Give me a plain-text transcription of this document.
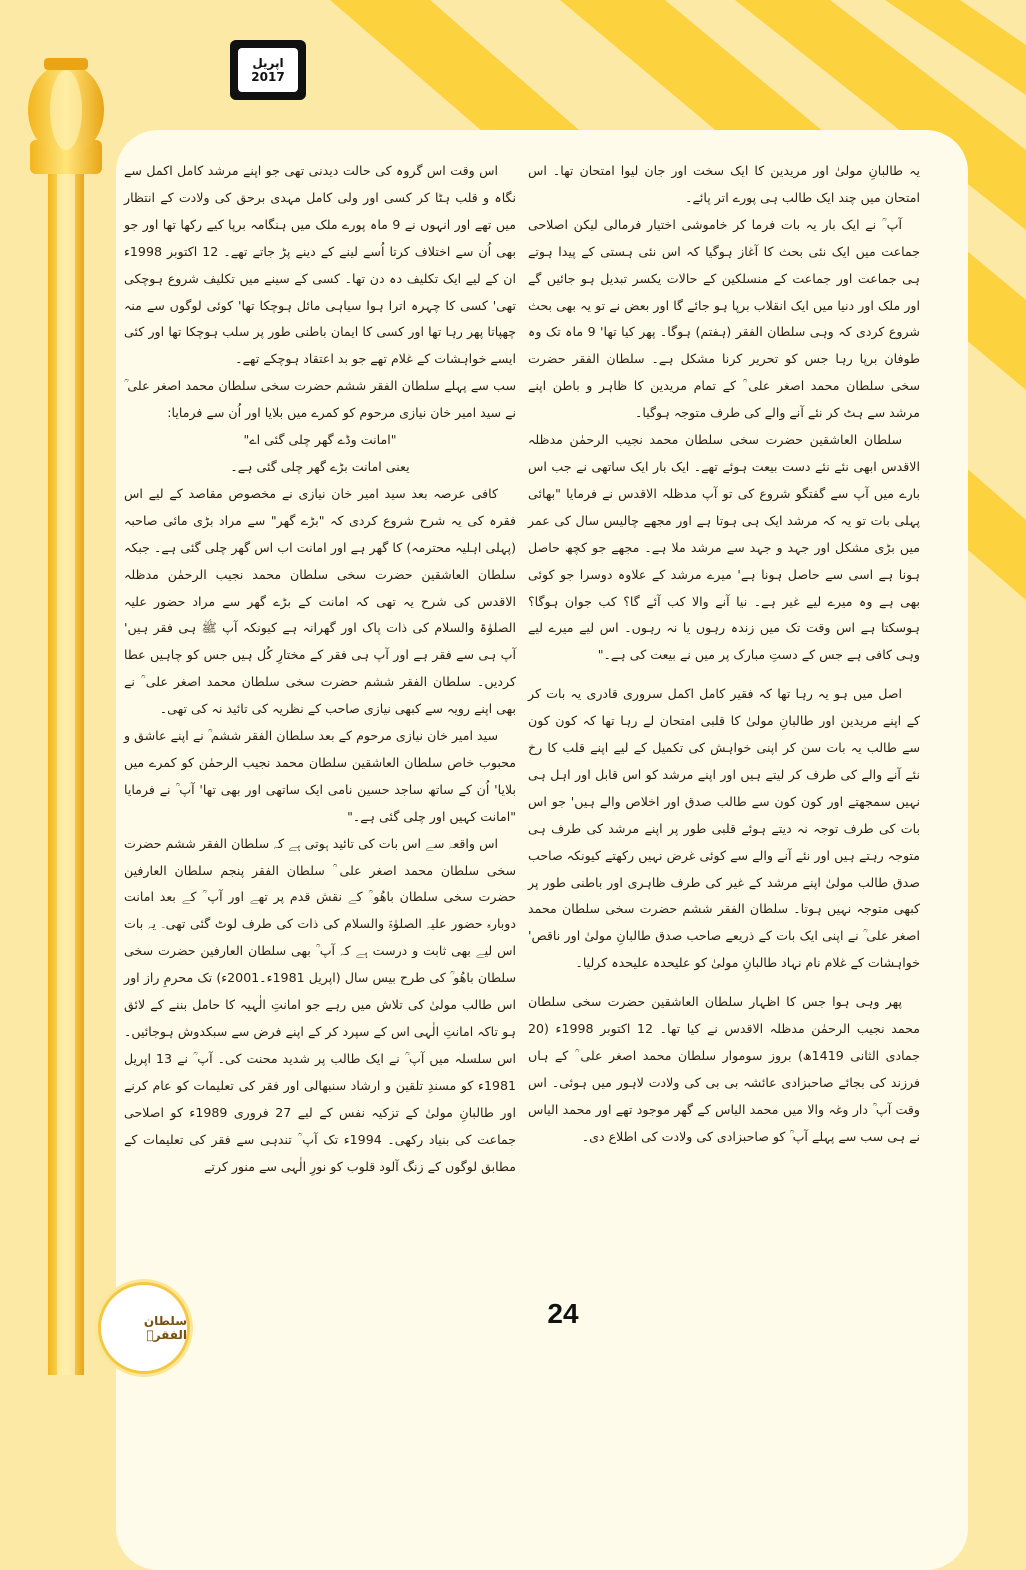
اپریل
2017

یہ طالبانِ مولیٰ اور مریدین کا ایک سخت اور جان لیوا امتحان تھا۔ اس امتحان میں چند ایک طالب ہی پورے اتر پائے۔

آپ ؒ نے ایک بار یہ بات فرما کر خاموشی اختیار فرمالی لیکن اصلاحی جماعت میں ایک نئی بحث کا آغاز ہوگیا کہ اس نئی ہستی کے پیدا ہوتے ہی جماعت اور جماعت کے منسلکین کے حالات یکسر تبدیل ہو جائیں گے اور ملک اور دنیا میں ایک انقلاب برپا ہو جائے گا اور بعض نے تو یہ بھی بحث شروع کردی کہ وہی سلطان الفقر (ہفتم) ہوگا۔ پھر کیا تھا' 9 ماہ تک وہ طوفان برپا رہا جس کو تحریر کرنا مشکل ہے۔ سلطان الفقر حضرت سخی سلطان محمد اصغر علی ؒ کے تمام مریدین کا ظاہر و باطن اپنے مرشد سے ہٹ کر نئے آنے والے کی طرف متوجہ ہوگیا۔

سلطان العاشقین حضرت سخی سلطان محمد نجیب الرحمٰن مدظلہ الاقدس ابھی نئے نئے دست بیعت ہوئے تھے۔ ایک بار ایک ساتھی نے جب اس بارے میں آپ سے گفتگو شروع کی تو آپ مدظلہ الاقدس نے فرمایا "بھائی پہلی بات تو یہ کہ مرشد ایک ہی ہوتا ہے اور مجھے چالیس سال کی عمر میں بڑی مشکل اور جہد و جہد سے مرشد ملا ہے۔ مجھے جو کچھ حاصل ہونا ہے اسی سے حاصل ہونا ہے' میرے مرشد کے علاوہ دوسرا جو کوئی بھی ہے وہ میرے لیے غیر ہے۔ نیا آنے والا کب آئے گا؟ کب جوان ہوگا؟ ہوسکتا ہے اس وقت تک میں زندہ رہوں یا نہ رہوں۔ اس لیے میرے لیے وہی کافی ہے جس کے دستِ مبارک پر میں نے بیعت کی ہے۔"

اصل میں ہو یہ رہا تھا کہ فقیر کامل اکمل سروری قادری یہ بات کر کے اپنے مریدین اور طالبانِ مولیٰ کا قلبی امتحان لے رہا تھا کہ کون کون سے طالب یہ بات سن کر اپنی خواہش کی تکمیل کے لیے اپنے قلب کا رخ نئے آنے والے کی طرف کر لیتے ہیں اور اپنے مرشد کو اس قابل اور اہل ہی نہیں سمجھتے اور کون کون سے طالب صدق اور اخلاص والے ہیں' جو اس بات کی طرف توجہ نہ دیتے ہوئے قلبی طور پر اپنے مرشد کی طرف ہی متوجہ رہتے ہیں اور نئے آنے والے سے کوئی غرض نہیں رکھتے کیونکہ صاحب صدق طالب مولیٰ اپنے مرشد کے غیر کی طرف ظاہری اور باطنی طور پر کبھی متوجہ نہیں ہوتا۔ سلطان الفقر ششم حضرت سخی سلطان محمد اصغر علی ؒ نے اپنی ایک بات کے ذریعے صاحب صدق طالبانِ مولیٰ اور ناقص' خواہشات کے غلام نام نہاد طالبانِ مولیٰ کو علیحدہ علیحدہ کرلیا۔

پھر وہی ہوا جس کا اظہار سلطان العاشقین حضرت سخی سلطان محمد نجیب الرحمٰن مدظلہ الاقدس نے کیا تھا۔ 12 اکتوبر 1998ء (20 جمادی الثانی 1419ھ) بروز سوموار سلطان محمد اصغر علی ؒ کے ہاں فرزند کی بجائے صاحبزادی عائشہ بی بی کی ولادت لاہور میں ہوئی۔ اس وقت آپ ؒ دار وغہ والا میں محمد الیاس کے گھر موجود تھے اور محمد الیاس نے ہی سب سے پہلے آپ ؒ کو صاحبزادی کی ولادت کی اطلاع دی۔

اس وقت اس گروہ کی حالت دیدنی تھی جو اپنے مرشد کامل اکمل سے نگاہ و قلب ہٹا کر کسی اور ولی کامل مہدی برحق کی ولادت کے انتظار میں تھے اور انہوں نے 9 ماہ پورے ملک میں ہنگامہ برپا کیے رکھا تھا اور جو بھی اُن سے اختلاف کرتا اُسے لینے کے دینے پڑ جاتے تھے۔ 12 اکتوبر 1998ء ان کے لیے ایک تکلیف دہ دن تھا۔ کسی کے سینے میں تکلیف شروع ہوچکی تھی' کسی کا چہرہ اترا ہوا سیاہی مائل ہوچکا تھا' کوئی لوگوں سے منہ چھپاتا پھر رہا تھا اور کسی کا ایمان باطنی طور پر سلب ہوچکا تھا اور کئی ایسے خواہشات کے غلام تھے جو بد اعتقاد ہوچکے تھے۔

سب سے پہلے سلطان الفقر ششم حضرت سخی سلطان محمد اصغر علی ؒ نے سید امیر خان نیازی مرحوم کو کمرے میں بلایا اور اُن سے فرمایا:

"امانت وڈے گھر چلی گئی اے"

یعنی امانت بڑے گھر چلی گئی ہے۔

کافی عرصہ بعد سید امیر خان نیازی نے مخصوص مقاصد کے لیے اس فقرہ کی یہ شرح شروع کردی کہ "بڑے گھر" سے مراد بڑی مائی صاحبہ (پہلی اہلیہ محترمہ) کا گھر ہے اور امانت اب اس گھر چلی گئی ہے۔ جبکہ سلطان العاشقین حضرت سخی سلطان محمد نجیب الرحمٰن مدظلہ الاقدس کی شرح یہ تھی کہ امانت کے بڑے گھر سے مراد حضور علیہ الصلوٰۃ والسلام کی ذات پاک اور گھرانہ ہے کیونکہ آپ ﷺ ہی فقر ہیں' آپ ہی سے فقر ہے اور آپ ہی فقر کے مختارِ کُل ہیں جس کو چاہیں عطا کردیں۔ سلطان الفقر ششم حضرت سخی سلطان محمد اصغر علی ؒ نے بھی اپنے رویہ سے کبھی نیازی صاحب کے نظریہ کی تائید نہ کی تھی۔

سید امیر خان نیازی مرحوم کے بعد سلطان الفقر ششم ؒ نے اپنے عاشق و محبوب خاص سلطان العاشقین سلطان محمد نجیب الرحمٰن کو کمرے میں بلایا' اُن کے ساتھ ساجد حسین نامی ایک ساتھی اور بھی تھا' آپ ؒ نے فرمایا "امانت کہیں اور چلی گئی ہے۔"

اس واقعہ سے اس بات کی تائید ہوتی ہے کہ سلطان الفقر ششم حضرت سخی سلطان محمد اصغر علی ؒ سلطان الفقر پنجم سلطان العارفین حضرت سخی سلطان باھُو ؒ کے نقش قدم پر تھے اور آپ ؒ کے بعد امانت دوبارہ حضور علیہ الصلوٰۃ والسلام کی ذات کی طرف لوٹ گئی تھی۔ یہ بات اس لیے بھی ثابت و درست ہے کہ آپ ؒ بھی سلطان العارفین حضرت سخی سلطان باھُو ؒ کی طرح بیس سال (اپریل 1981ء۔2001ء) تک محرمِ راز اور اس طالب مولیٰ کی تلاش میں رہے جو امانتِ الٰہیہ کا حامل بننے کے لائق ہو تاکہ امانتِ الٰہی اس کے سپرد کر کے اپنے فرض سے سبکدوش ہوجائیں۔ اس سلسلہ میں آپ ؒ نے ایک طالب پر شدید محنت کی۔ آپ ؒ نے 13 اپریل 1981ء کو مسندِ تلقین و ارشاد سنبھالی اور فقر کی تعلیمات کو عام کرنے اور طالبانِ مولیٰ کے تزکیہ نفس کے لیے 27 فروری 1989ء کو اصلاحی جماعت کی بنیاد رکھی۔ 1994ء تک آپ ؒ تندہی سے فقر کی تعلیمات کے مطابق لوگوں کے زنگ آلود قلوب کو نورِ الٰہی سے منور کرتے

سلطان الفقرؒ
24
